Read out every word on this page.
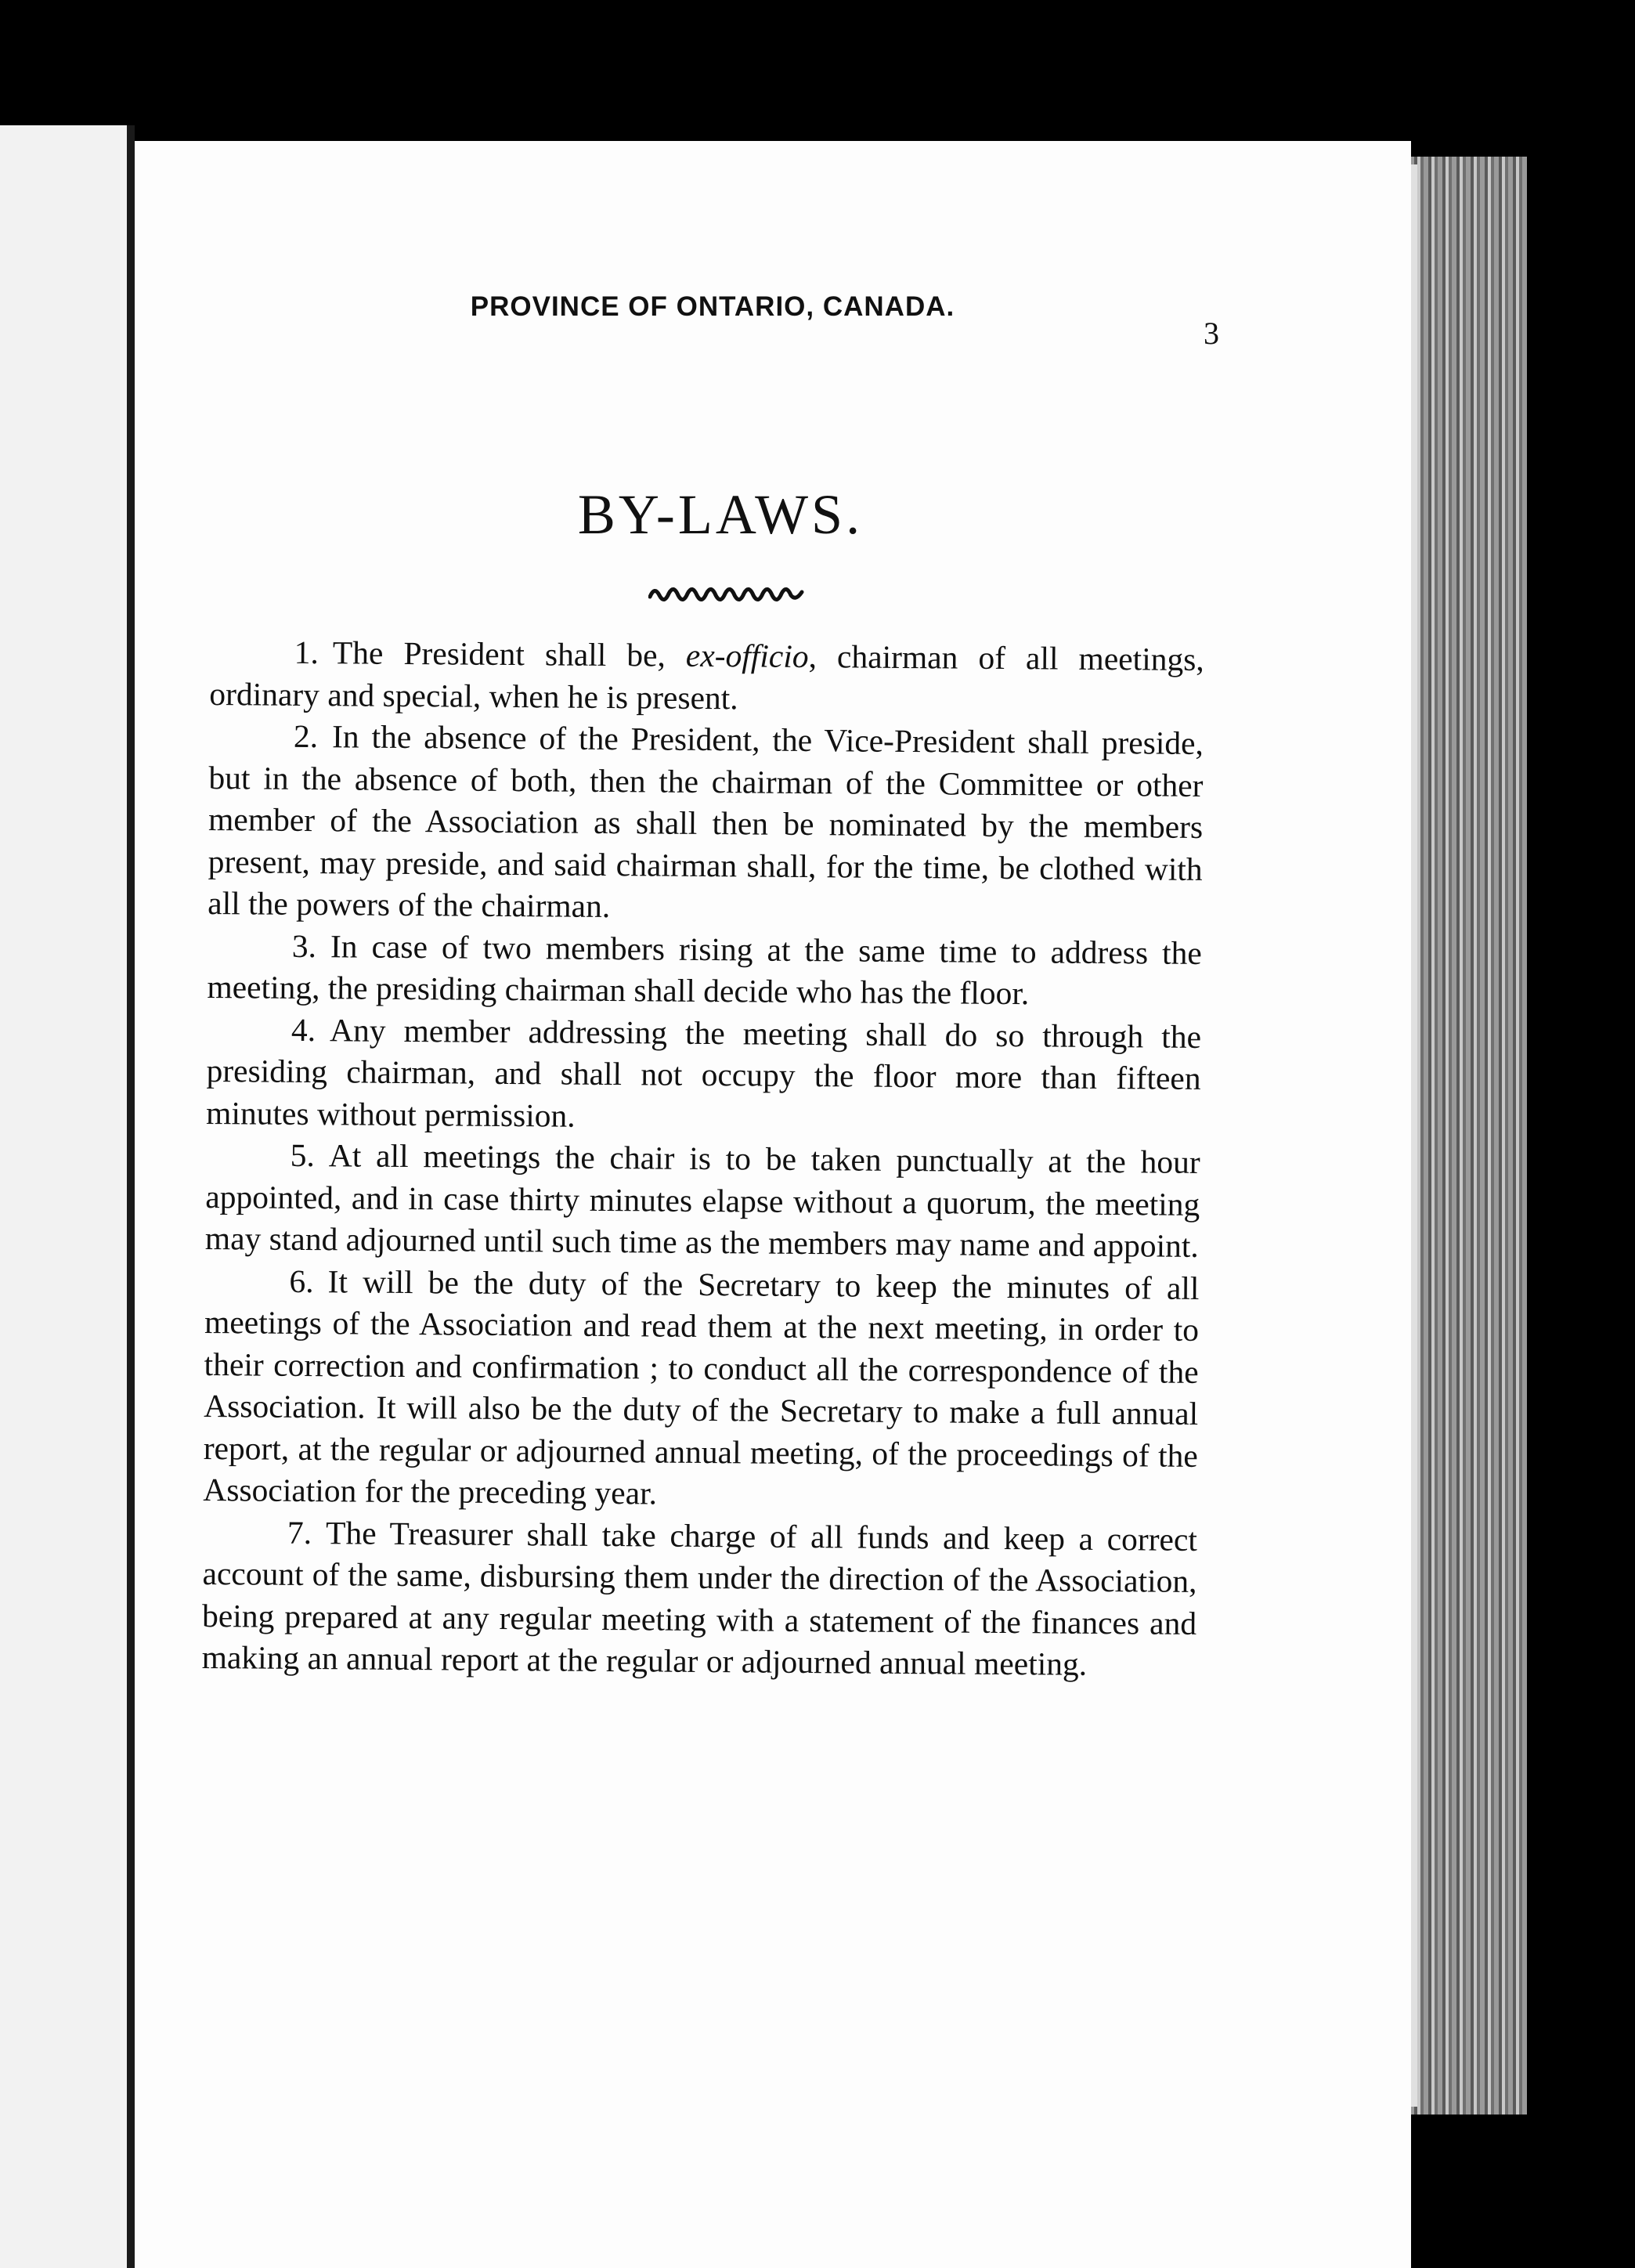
PROVINCE OF ONTARIO, CANADA.
3
BY-LAWS.

1. The President shall be, ex-officio, chairman of all meetings, ordinary and special, when he is present.

2. In the absence of the President, the Vice-President shall preside, but in the absence of both, then the chairman of the Committee or other member of the Association as shall then be nominated by the members present, may preside, and said chairman shall, for the time, be clothed with all the powers of the chairman.

3. In case of two members rising at the same time to address the meeting, the presiding chairman shall decide who has the floor.

4. Any member addressing the meeting shall do so through the presiding chairman, and shall not occupy the floor more than fifteen minutes without permission.

5. At all meetings the chair is to be taken punctually at the hour appointed, and in case thirty minutes elapse without a quorum, the meeting may stand adjourned until such time as the members may name and appoint.

6. It will be the duty of the Secretary to keep the minutes of all meetings of the Association and read them at the next meeting, in order to their correction and confirmation ; to conduct all the correspondence of the Association. It will also be the duty of the Secretary to make a full annual report, at the regular or adjourned annual meeting, of the proceedings of the Association for the preceding year.

7. The Treasurer shall take charge of all funds and keep a correct account of the same, disbursing them under the direction of the Association, being prepared at any regular meeting with a statement of the finances and making an annual report at the regular or adjourned annual meeting.
